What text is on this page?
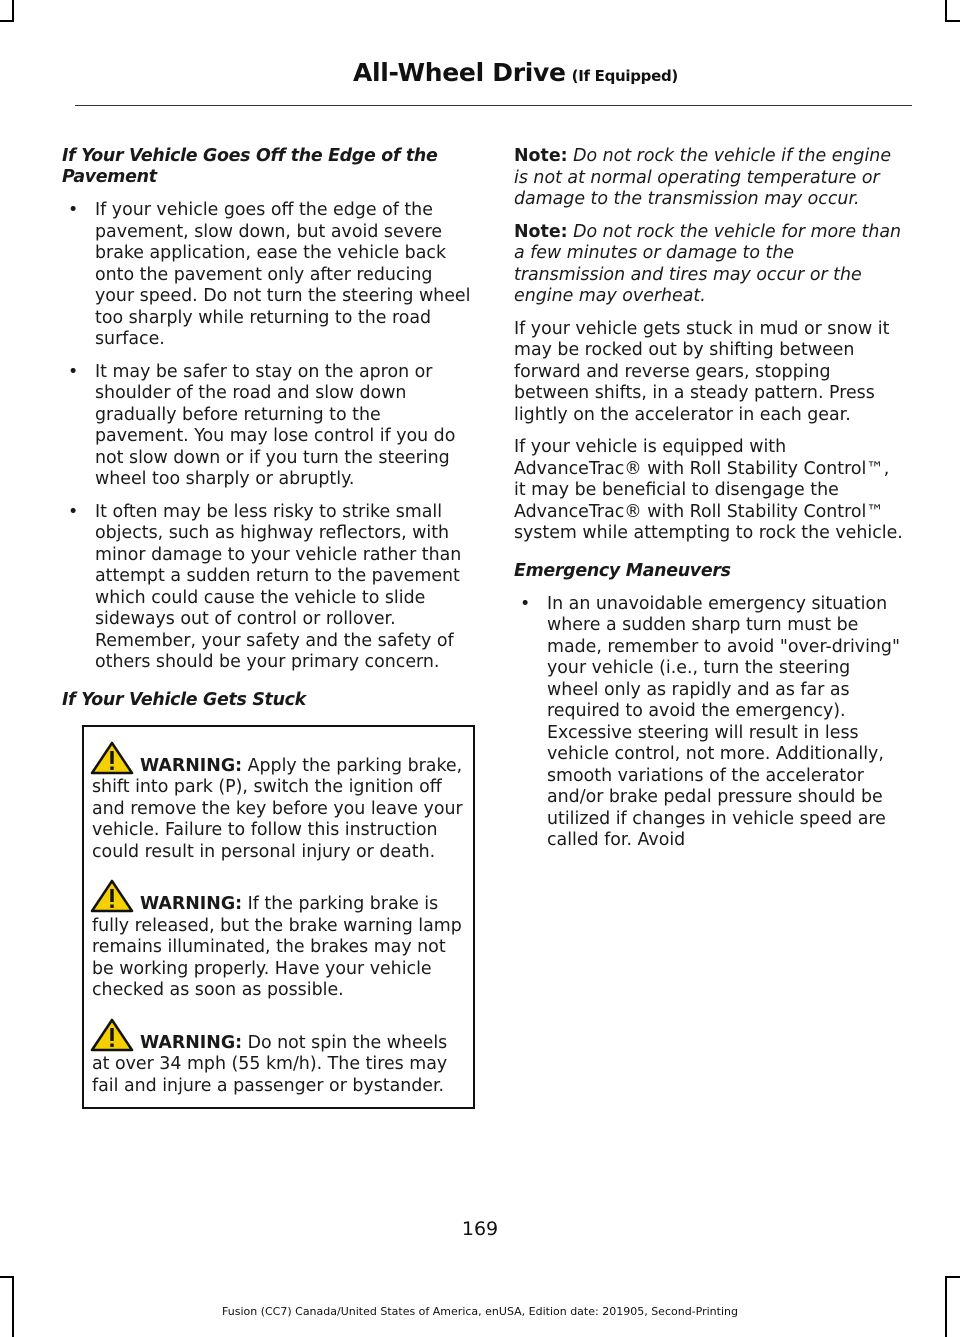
All-Wheel Drive (If Equipped)
If Your Vehicle Goes Off the Edge of the Pavement
• If your vehicle goes off the edge of the pavement, slow down, but avoid severe brake application, ease the vehicle back onto the pavement only after reducing your speed. Do not turn the steering wheel too sharply while returning to the road surface.
• It may be safer to stay on the apron or shoulder of the road and slow down gradually before returning to the pavement. You may lose control if you do not slow down or if you turn the steering wheel too sharply or abruptly.
• It often may be less risky to strike small objects, such as highway reflectors, with minor damage to your vehicle rather than attempt a sudden return to the pavement which could cause the vehicle to slide sideways out of control or rollover. Remember, your safety and the safety of others should be your primary concern.
If Your Vehicle Gets Stuck
WARNING: Apply the parking brake, shift into park (P), switch the ignition off and remove the key before you leave your vehicle. Failure to follow this instruction could result in personal injury or death.
WARNING: If the parking brake is fully released, but the brake warning lamp remains illuminated, the brakes may not be working properly. Have your vehicle checked as soon as possible.
WARNING: Do not spin the wheels at over 34 mph (55 km/h). The tires may fail and injure a passenger or bystander.

Note: Do not rock the vehicle if the engine is not at normal operating temperature or damage to the transmission may occur.

Note: Do not rock the vehicle for more than a few minutes or damage to the transmission and tires may occur or the engine may overheat.

If your vehicle gets stuck in mud or snow it may be rocked out by shifting between forward and reverse gears, stopping between shifts, in a steady pattern. Press lightly on the accelerator in each gear.

If your vehicle is equipped with AdvanceTrac® with Roll Stability Control™, it may be beneficial to disengage the AdvanceTrac® with Roll Stability Control™ system while attempting to rock the vehicle.

Emergency Maneuvers
• In an unavoidable emergency situation where a sudden sharp turn must be made, remember to avoid "over-driving" your vehicle (i.e., turn the steering wheel only as rapidly and as far as required to avoid the emergency). Excessive steering will result in less vehicle control, not more. Additionally, smooth variations of the accelerator and/or brake pedal pressure should be utilized if changes in vehicle speed are called for. Avoid
169
Fusion (CC7) Canada/United States of America, enUSA, Edition date: 201905, Second-Printing
